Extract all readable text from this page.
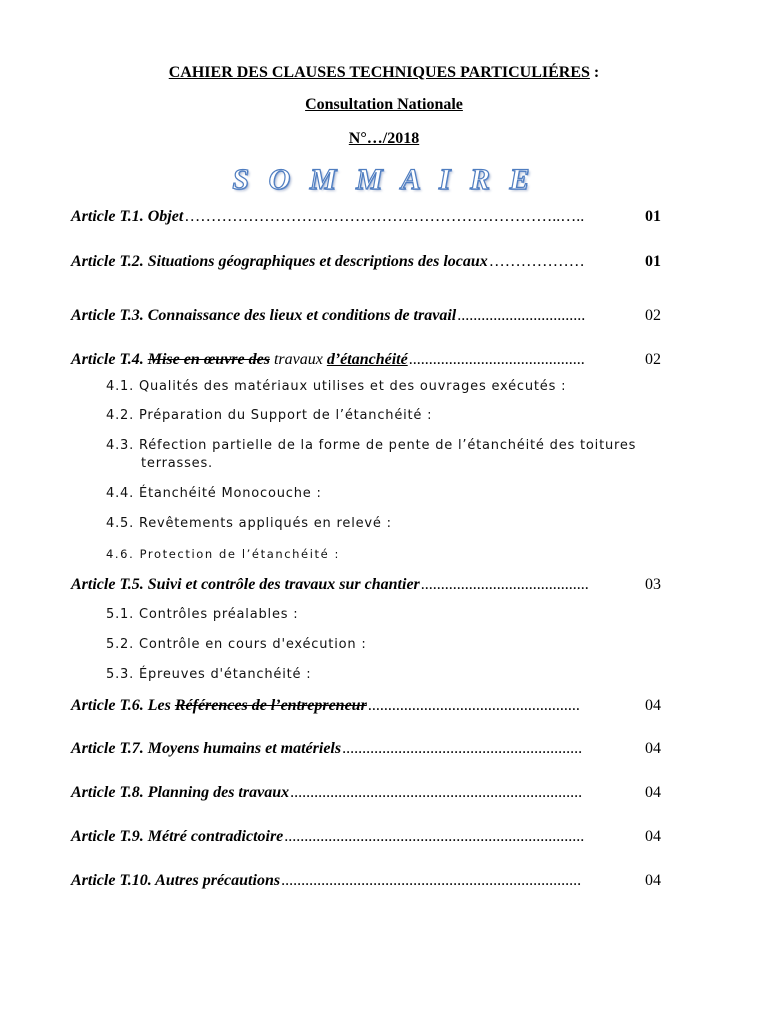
CAHIER DES CLAUSES TECHNIQUES PARTICULIÉRES :
Consultation Nationale
N°…/2018
S O M M A I R E
Article T.1. Objet ……………………………………………………………..…..	01
Article T.2. Situations géographiques et descriptions des locaux ………………	01
Article T.3. Connaissance des lieux et conditions de travail ................................	02
Article T.4. Mise en œuvre des travaux d’étanchéité ............................................	02
4.1. Qualités des matériaux utilises et des ouvrages exécutés :
4.2. Préparation du Support de l’étanchéité :
4.3. Réfection partielle de la forme de pente de l’étanchéité des toitures
terrasses.
4.4. Étanchéité Monocouche :
4.5. Revêtements appliqués en relevé :
4.6. Protection de l’étanchéité :
Article T.5. Suivi et contrôle des travaux sur chantier ..........................................	03
5.1. Contrôles préalables :
5.2. Contrôle en cours d'exécution :
5.3. Épreuves d'étanchéité :
Article T.6. Les Références de l’entrepreneur .....................................................	04
Article T.7. Moyens humains et matériels ............................................................	04
Article T.8. Planning des travaux .........................................................................	04
Article T.9. Métré contradictoire ...........................................................................	04
Article T.10. Autres précautions ...........................................................................	04
